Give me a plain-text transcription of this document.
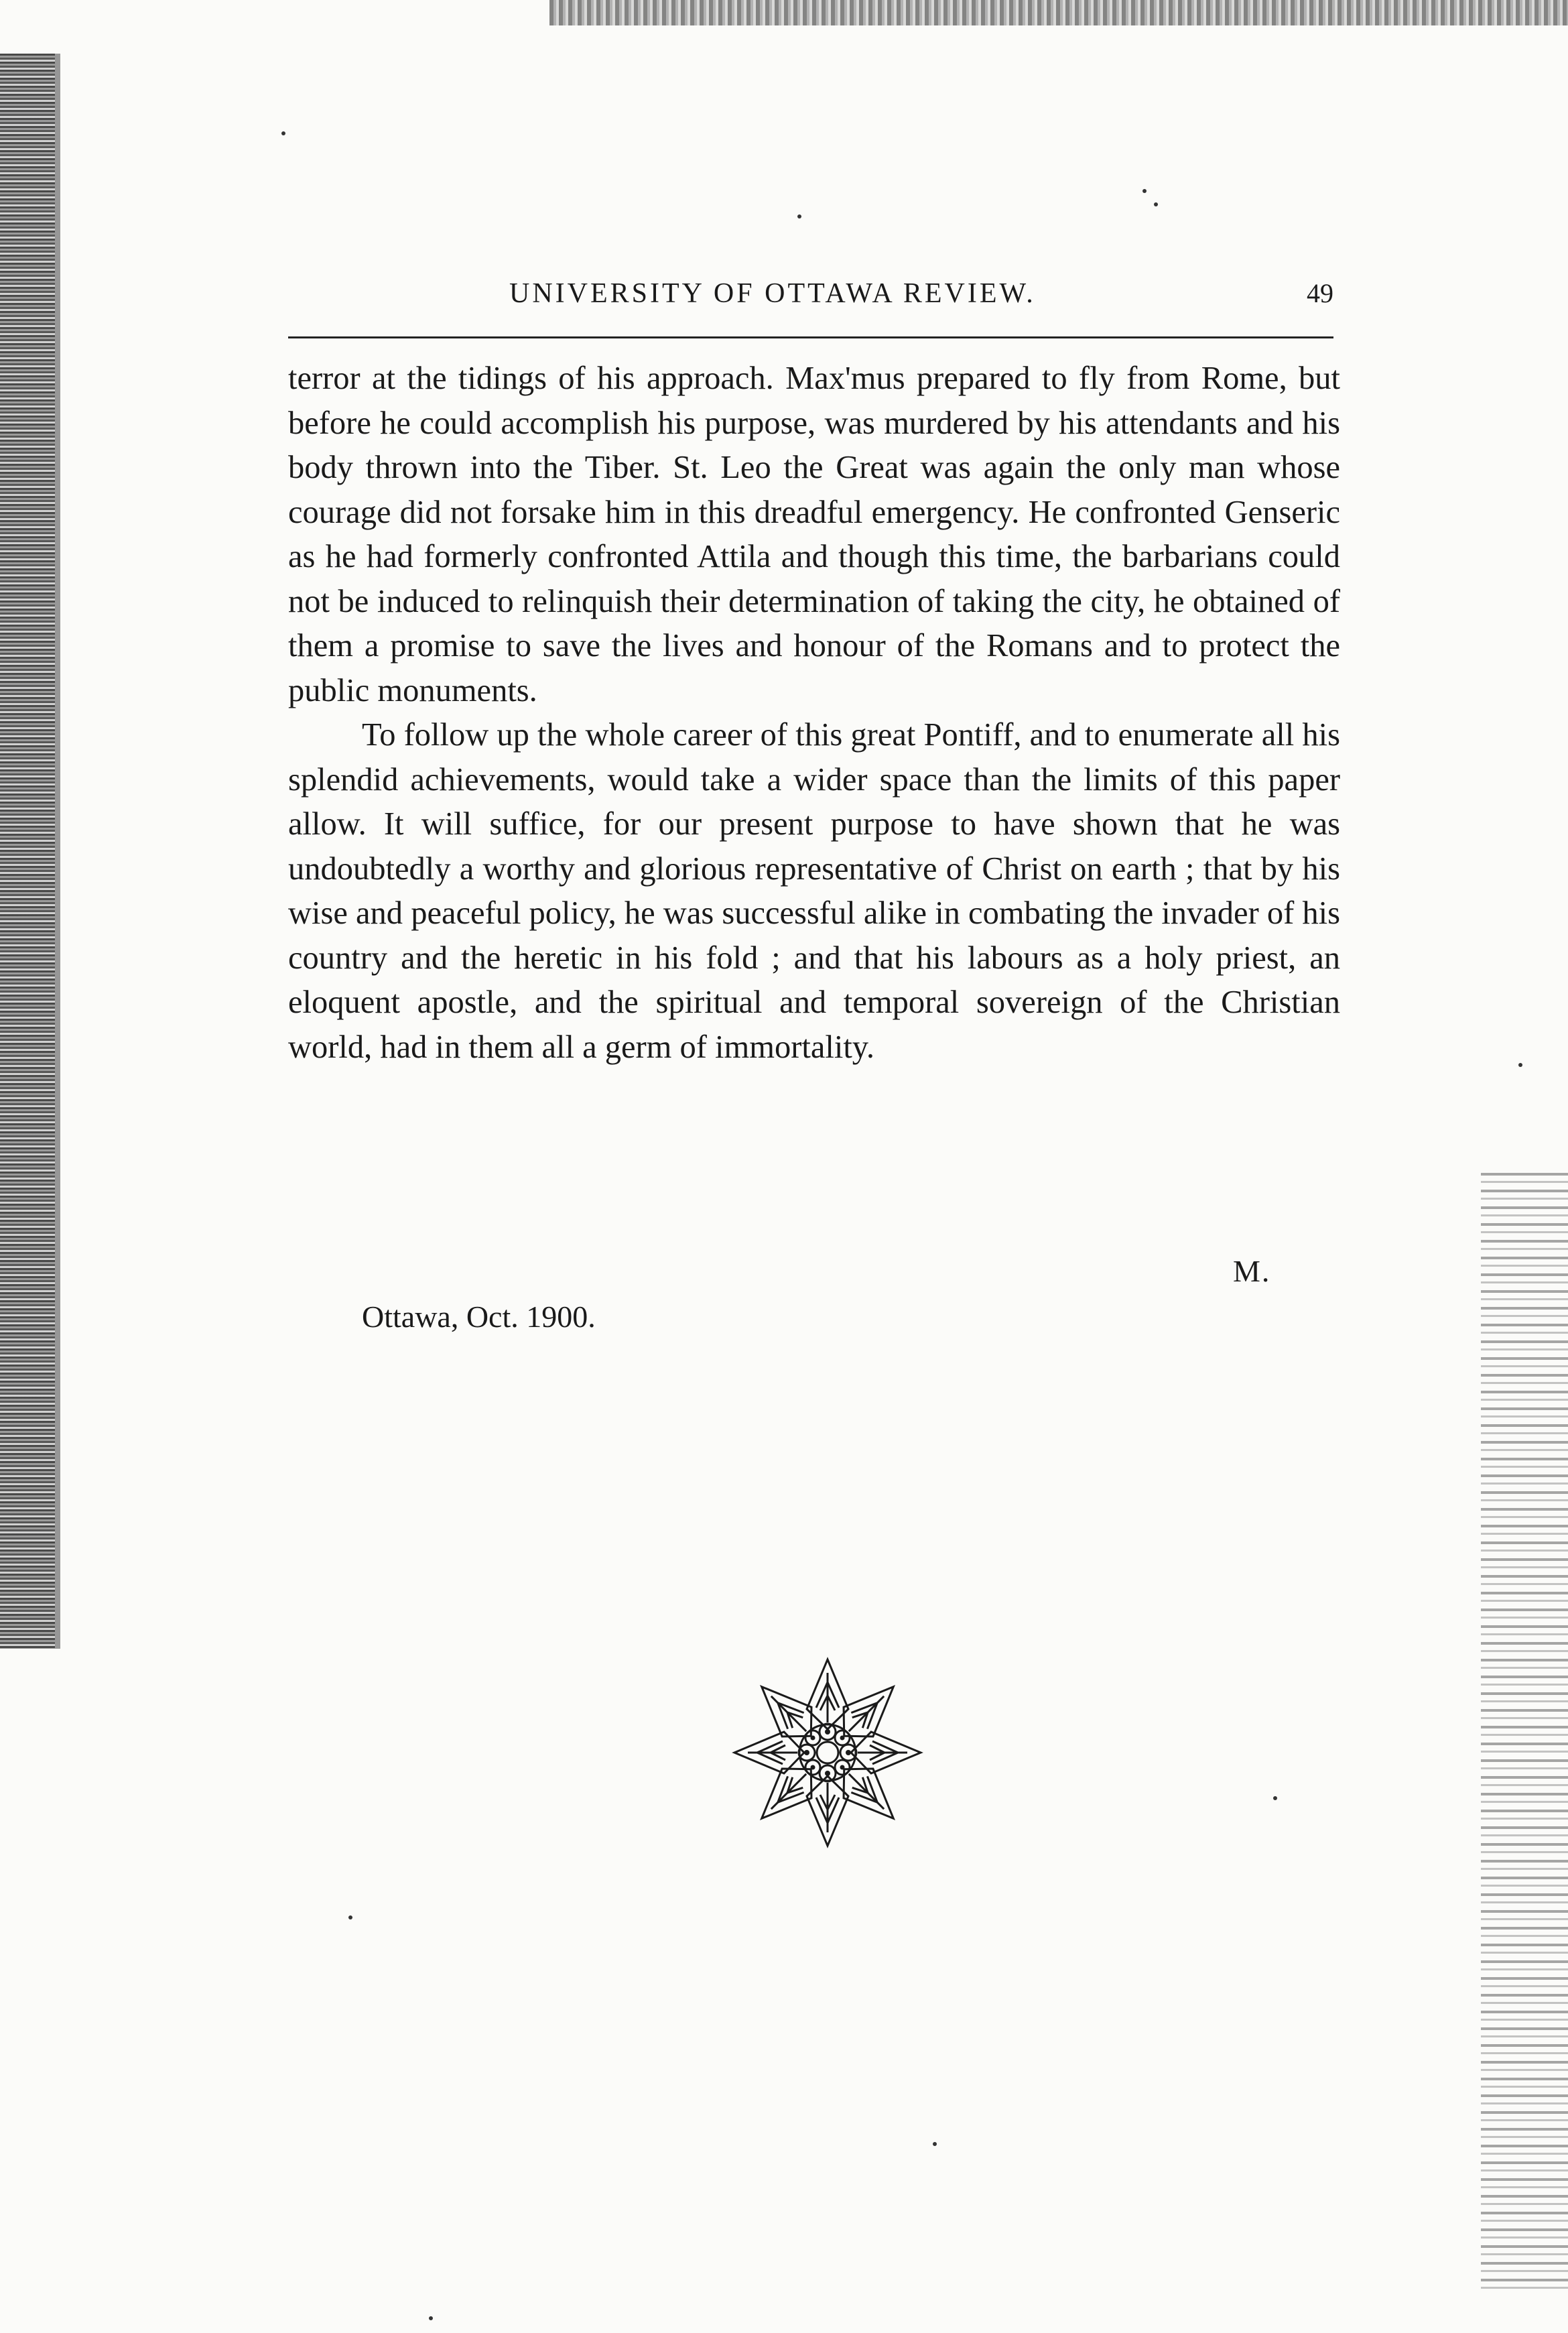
UNIVERSITY OF OTTAWA REVIEW.	49

terror at the tidings of his approach. Max'mus prepared to fly from Rome, but before he could accomplish his purpose, was murdered by his attendants and his body thrown into the Tiber. St. Leo the Great was again the only man whose courage did not forsake him in this dreadful emergency. He confronted Genseric as he had formerly confronted Attila and though this time, the barbarians could not be induced to relinquish their determination of taking the city, he obtained of them a promise to save the lives and honour of the Romans and to protect the public monuments.

To follow up the whole career of this great Pontiff, and to enumerate all his splendid achievements, would take a wider space than the limits of this paper allow. It will suffice, for our present purpose to have shown that he was undoubtedly a worthy and glorious representative of Christ on earth ; that by his wise and peaceful policy, he was successful alike in combating the invader of his country and the heretic in his fold ; and that his labours as a holy priest, an eloquent apostle, and the spiritual and temporal sovereign of the Christian world, had in them all a germ of immortality.

M.
Ottawa, Oct. 1900.
